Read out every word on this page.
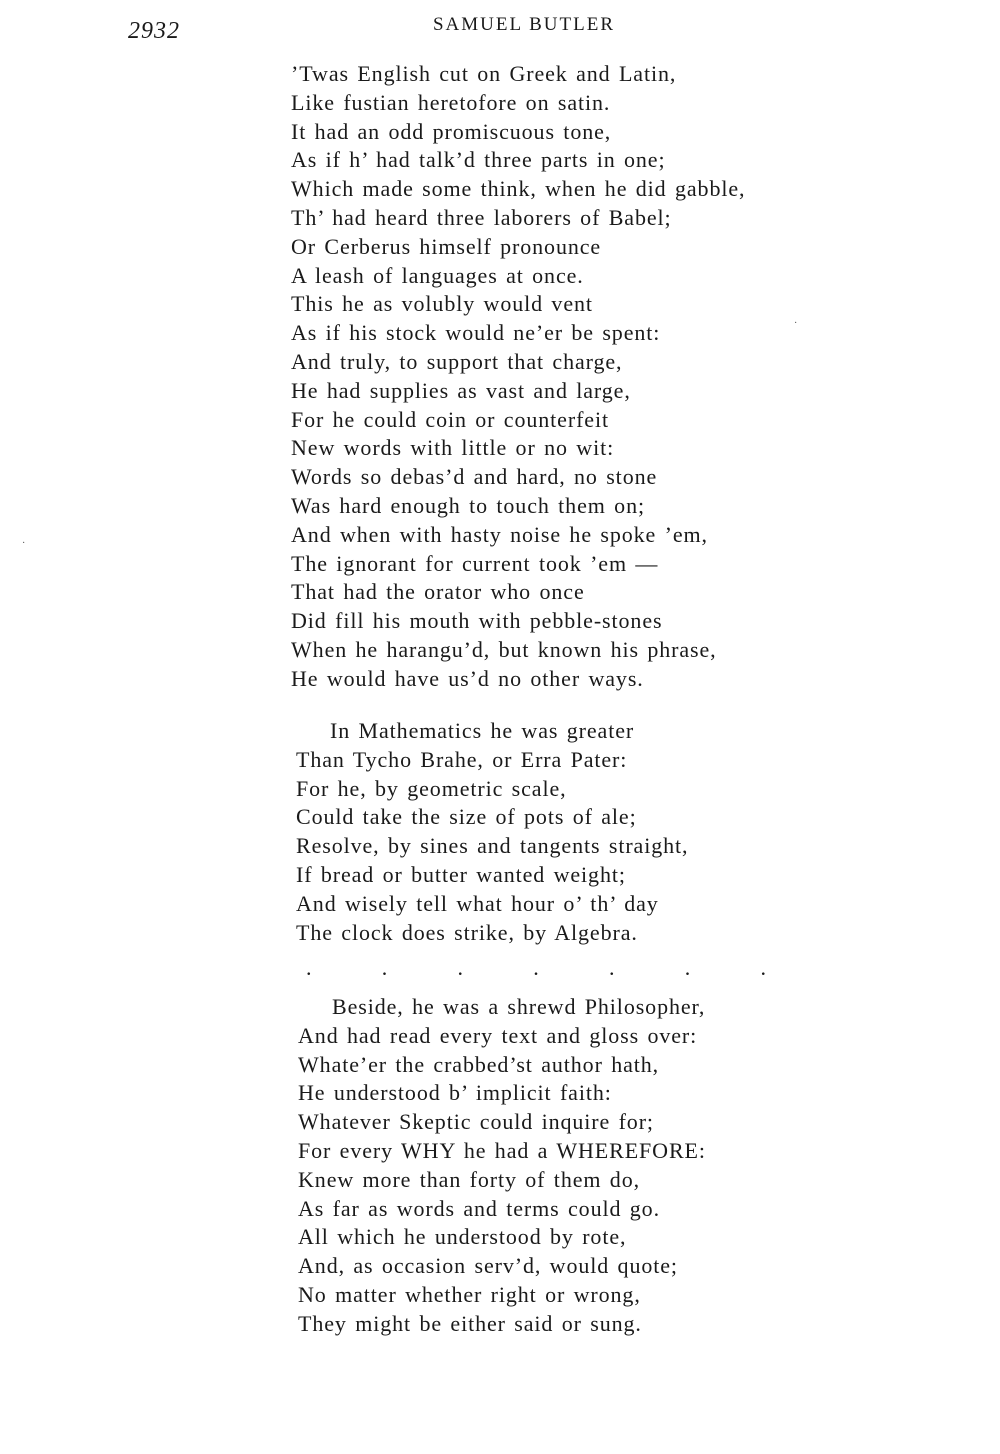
2932	SAMUEL BUTLER
’Twas English cut on Greek and Latin,
Like fustian heretofore on satin.
It had an odd promiscuous tone,
As if h’ had talk’d three parts in one;
Which made some think, when he did gabble,
Th’ had heard three laborers of Babel;
Or Cerberus himself pronounce
A leash of languages at once.
This he as volubly would vent
As if his stock would ne’er be spent:
And truly, to support that charge,
He had supplies as vast and large,
For he could coin or counterfeit
New words with little or no wit:
Words so debas’d and hard, no stone
Was hard enough to touch them on;
And when with hasty noise he spoke ’em,
The ignorant for current took ’em —
That had the orator who once
Did fill his mouth with pebble-stones
When he harangu’d, but known his phrase,
He would have us’d no other ways.
In Mathematics he was greater
Than Tycho Brahe, or Erra Pater:
For he, by geometric scale,
Could take the size of pots of ale;
Resolve, by sines and tangents straight,
If bread or butter wanted weight;
And wisely tell what hour o’ th’ day
The clock does strike, by Algebra.
.	.	.	.	.	.	.
Beside, he was a shrewd Philosopher,
And had read every text and gloss over:
Whate’er the crabbed’st author hath,
He understood b’ implicit faith:
Whatever Skeptic could inquire for;
For every WHY he had a WHEREFORE:
Knew more than forty of them do,
As far as words and terms could go.
All which he understood by rote,
And, as occasion serv’d, would quote;
No matter whether right or wrong,
They might be either said or sung.
·
·
